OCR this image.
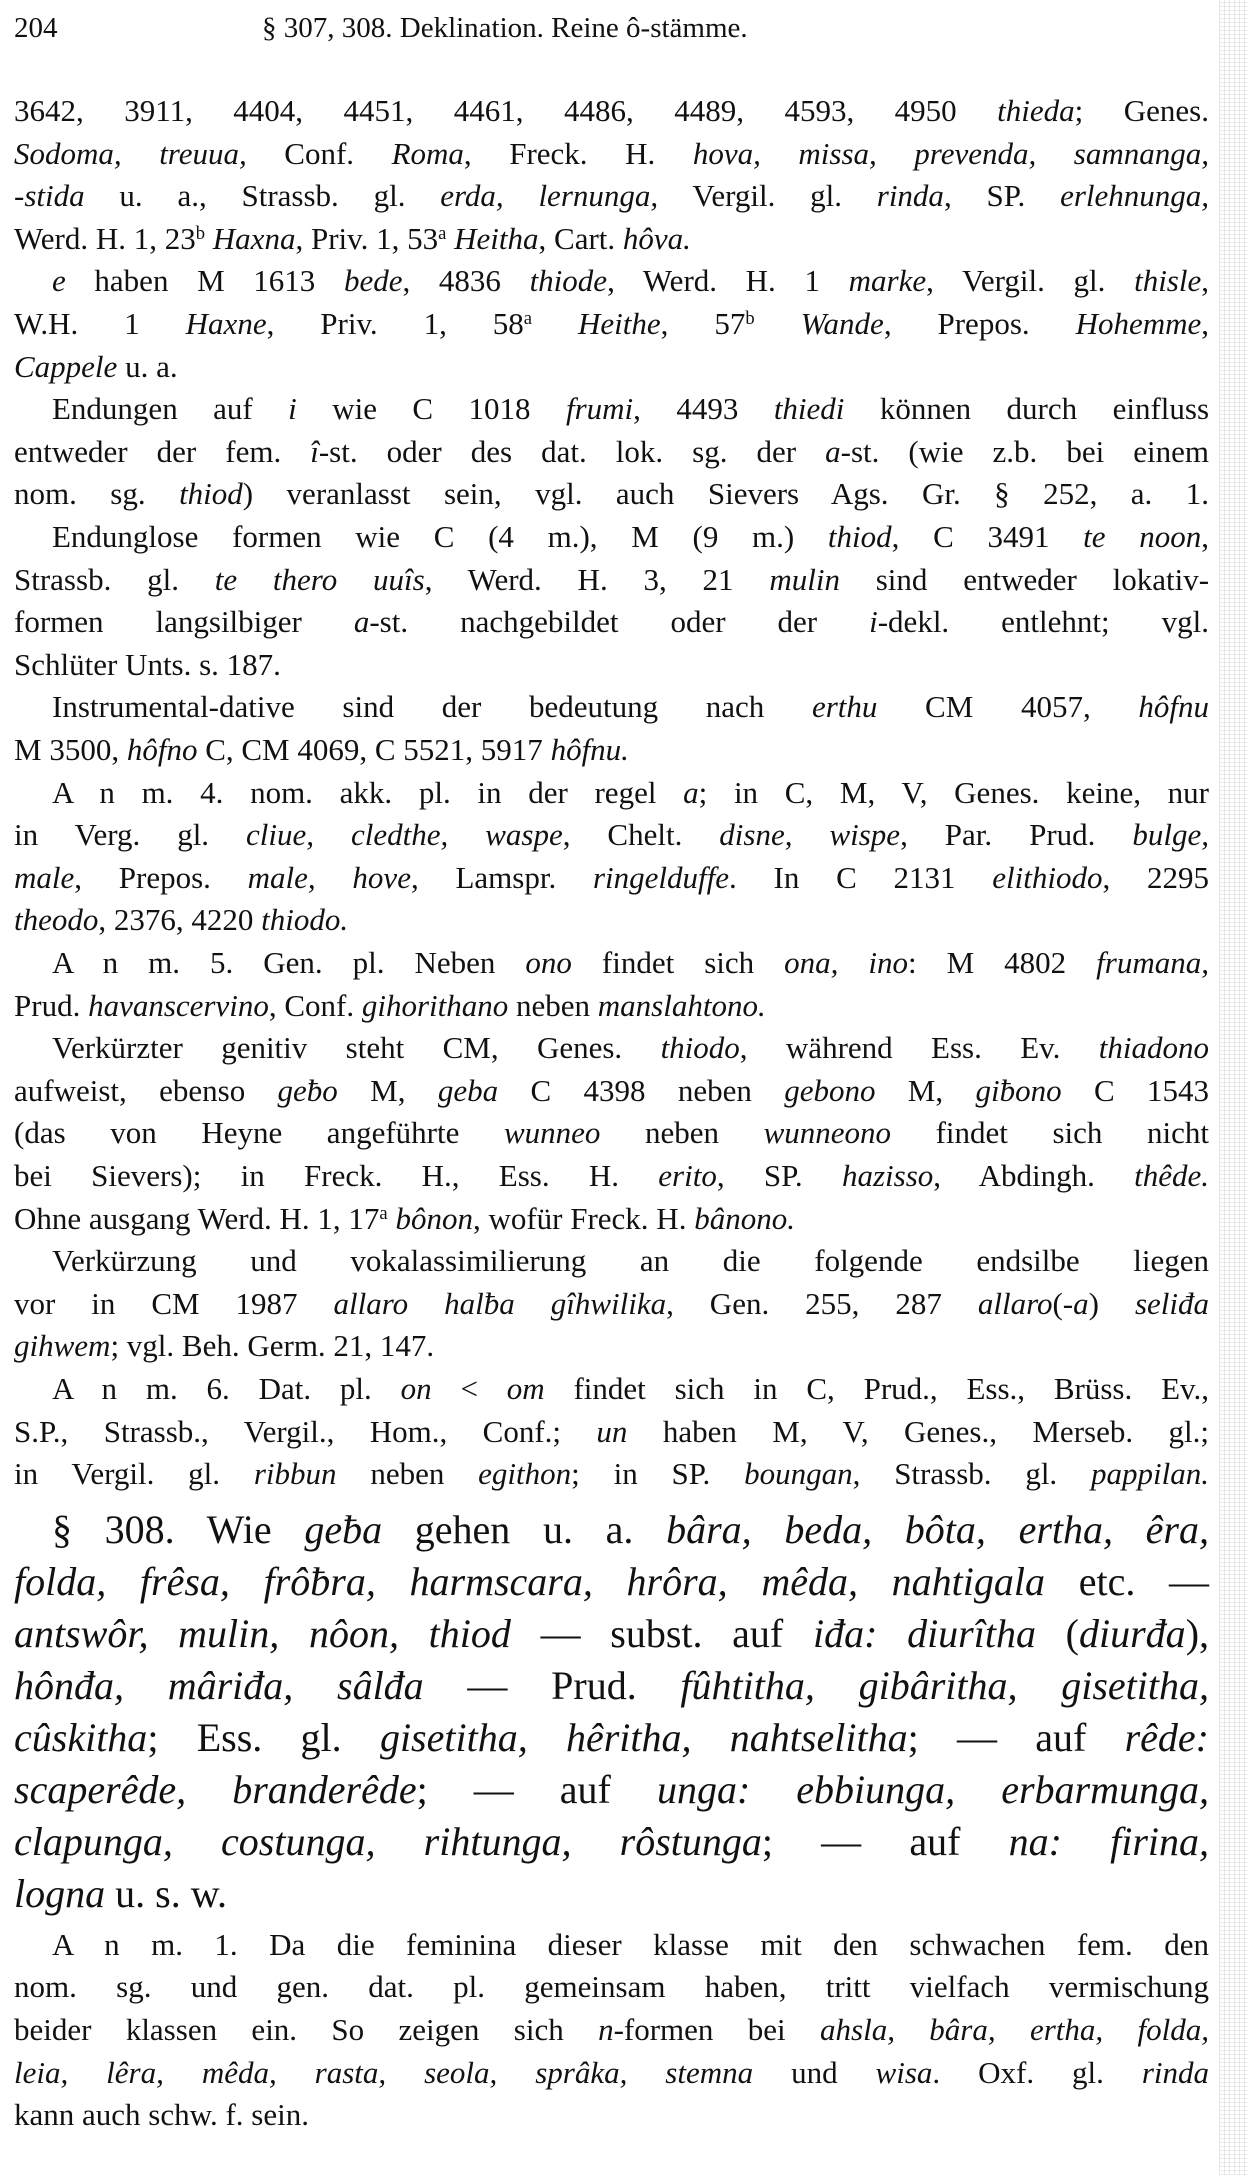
204	§ 307, 308. Deklination. Reine ô-stämme.
3642, 3911, 4404, 4451, 4461, 4486, 4489, 4593, 4950 thieda; Genes.
Sodoma, treuua, Conf. Roma, Freck. H. hova, missa, prevenda, samnanga,
-stida u. a., Strassb. gl. erda, lernunga, Vergil. gl. rinda, SP. erlehnunga,
Werd. H. 1, 23$^b$ Haxna, Priv. 1, 53$^a$ Heitha, Cart. hôva.
e haben M 1613 bede, 4836 thiode, Werd. H. 1 marke, Vergil. gl. thisle,
W.H. 1 Haxne, Priv. 1, 58$^a$ Heithe, 57$^b$ Wande, Prepos. Hohemme,
Cappele u. a.
Endungen auf i wie C 1018 frumi, 4493 thiedi können durch einfluss
entweder der fem. î-st. oder des dat. lok. sg. der a-st. (wie z.b. bei einem
nom. sg. thiod) veranlasst sein, vgl. auch Sievers Ags. Gr. § 252, a. 1.
Endunglose formen wie C (4 m.), M (9 m.) thiod, C 3491 te noon,
Strassb. gl. te thero uuîs, Werd. H. 3, 21 mulin sind entweder lokativ-
formen langsilbiger a-st. nachgebildet oder der i-dekl. entlehnt; vgl.
Schlüter Unts. s. 187.
Instrumental-dative sind der bedeutung nach erthu CM 4057, hôfnu
M 3500, hôfno C, CM 4069, C 5521, 5917 hôfnu.
A n m. 4. nom. akk. pl. in der regel a; in C, M, V, Genes. keine, nur
in Verg. gl. cliue, cledthe, waspe, Chelt. disne, wispe, Par. Prud. bulge,
male, Prepos. male, hove, Lamspr. ringelduffe. In C 2131 elithiodo, 2295
theodo, 2376, 4220 thiodo.
A n m. 5. Gen. pl. Neben ono findet sich ona, ino: M 4802 frumana,
Prud. havanscervino, Conf. gihorithano neben manslahtono.
Verkürzter genitiv steht CM, Genes. thiodo, während Ess. Ev. thiadono
aufweist, ebenso geƀo M, geba C 4398 neben gebono M, giƀono C 1543
(das von Heyne angeführte wunneo neben wunneono findet sich nicht
bei Sievers); in Freck. H., Ess. H. erito, SP. hazisso, Abdingh. thêde.
Ohne ausgang Werd. H. 1, 17$^a$ bônon, wofür Freck. H. bânono.
Verkürzung und vokalassimilierung an die folgende endsilbe liegen
vor in CM 1987 allaro halƀa gîhwilika, Gen. 255, 287 allaro(-a) seliđa
gihwem; vgl. Beh. Germ. 21, 147.
A n m. 6. Dat. pl. on < om findet sich in C, Prud., Ess., Brüss. Ev.,
S.P., Strassb., Vergil., Hom., Conf.; un haben M, V, Genes., Merseb. gl.;
in Vergil. gl. ribbun neben egithon; in SP. boungan, Strassb. gl. pappilan.
§ 308. Wie geƀa gehen u. a. bâra, beda, bôta, ertha, êra,
folda, frêsa, frôƀra, harmscara, hrôra, mêda, nahtigala etc. —
antswôr, mulin, nôon, thiod — subst. auf iđa: diurîtha (diurđa),
hônđa, mâriđa, sâlđa — Prud. fûhtitha, gibâritha, gisetitha,
cûskitha; Ess. gl. gisetitha, hêritha, nahtselitha; — auf rêde:
scaperêde, branderêde; — auf unga: ebbiunga, erbarmunga,
clapunga, costunga, rihtunga, rôstunga; — auf na: firina,
logna u. s. w.
A n m. 1. Da die feminina dieser klasse mit den schwachen fem. den
nom. sg. und gen. dat. pl. gemeinsam haben, tritt vielfach vermischung
beider klassen ein. So zeigen sich n-formen bei ahsla, bâra, ertha, folda,
leia, lêra, mêda, rasta, seola, sprâka, stemna und wisa. Oxf. gl. rinda
kann auch schw. f. sein.
